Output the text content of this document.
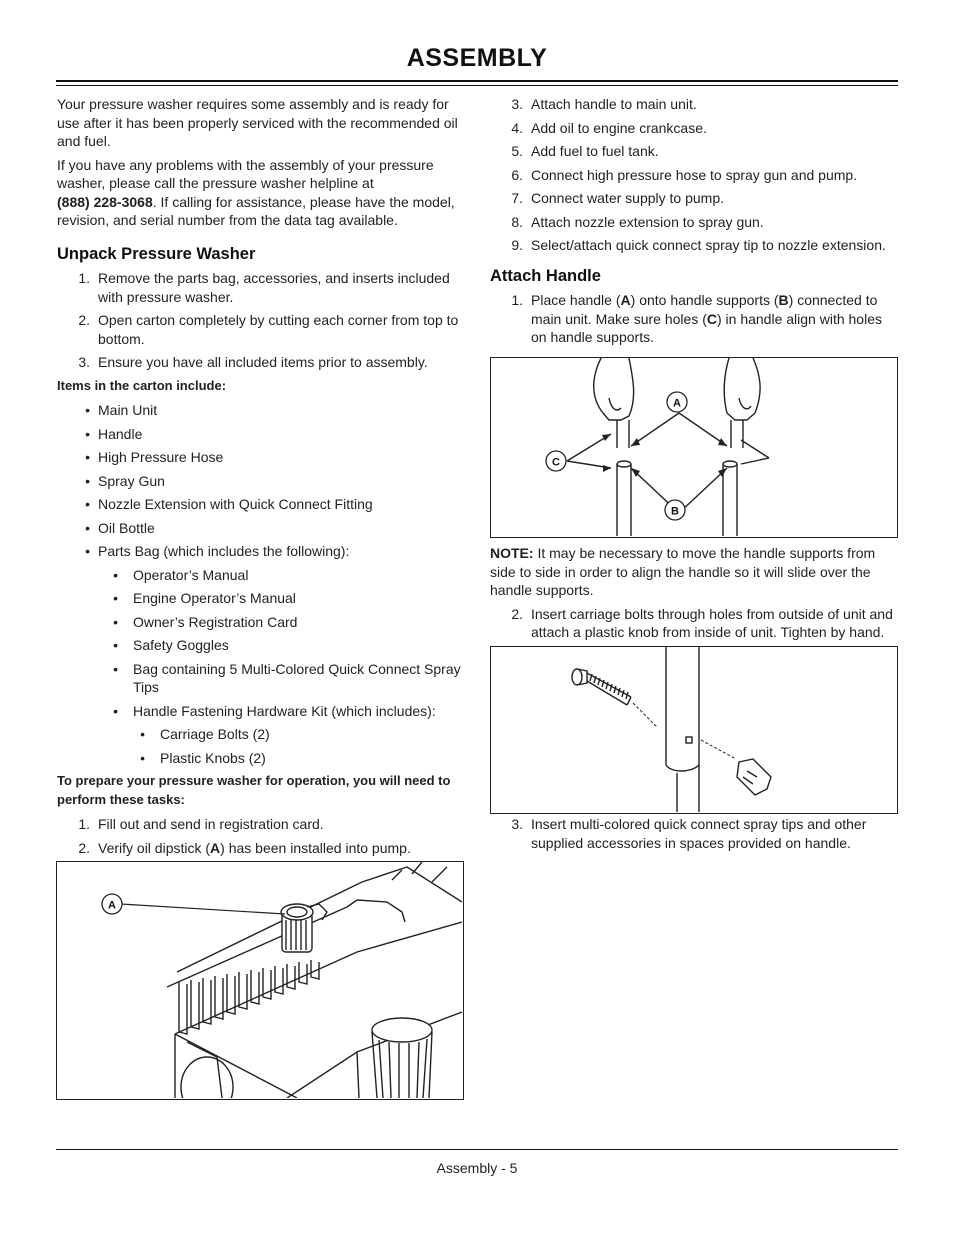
ASSEMBLY

Your pressure washer requires some assembly and is ready for use after it has been properly serviced with the recommended oil and fuel.

If you have any problems with the assembly of your pressure washer, please call the pressure washer helpline at
(888) 228-3068. If calling for assistance, please have the model, revision, and serial number from the data tag available.

Unpack Pressure Washer
1. Remove the parts bag, accessories, and inserts included with pressure washer.
2. Open carton completely by cutting each corner from top to bottom.
3. Ensure you have all included items prior to assembly.
Items in the carton include:
• Main Unit
• Handle
• High Pressure Hose
• Spray Gun
• Nozzle Extension with Quick Connect Fitting
• Oil Bottle
• Parts Bag (which includes the following):
•	Operator’s Manual
•	Engine Operator’s Manual
•	Owner’s Registration Card
•	Safety Goggles
•	Bag containing 5 Multi-Colored Quick Connect Spray Tips
•	Handle Fastening Hardware Kit (which includes):
•	Carriage Bolts (2)
•	Plastic Knobs (2)
To prepare your pressure washer for operation, you will need to perform these tasks:
1. Fill out and send in registration card.
2. Verify oil dipstick (A) has been installed into pump.
A
3. Attach handle to main unit.
4. Add oil to engine crankcase.
5. Add fuel to fuel tank.
6. Connect high pressure hose to spray gun and pump.
7. Connect water supply to pump.
8. Attach nozzle extension to spray gun.
9. Select/attach quick connect spray tip to nozzle extension.
Attach Handle
1. Place handle (A) onto handle supports (B) connected to main unit. Make sure holes (C) in handle align with holes on handle supports.
A
C
B

NOTE: It may be necessary to move the handle supports from side to side in order to align the handle so it will slide over the handle supports.

2. Insert carriage bolts through holes from outside of unit and attach a plastic knob from inside of unit. Tighten by hand.
3. Insert multi-colored quick connect spray tips and other supplied accessories in spaces provided on handle.
Assembly - 5
